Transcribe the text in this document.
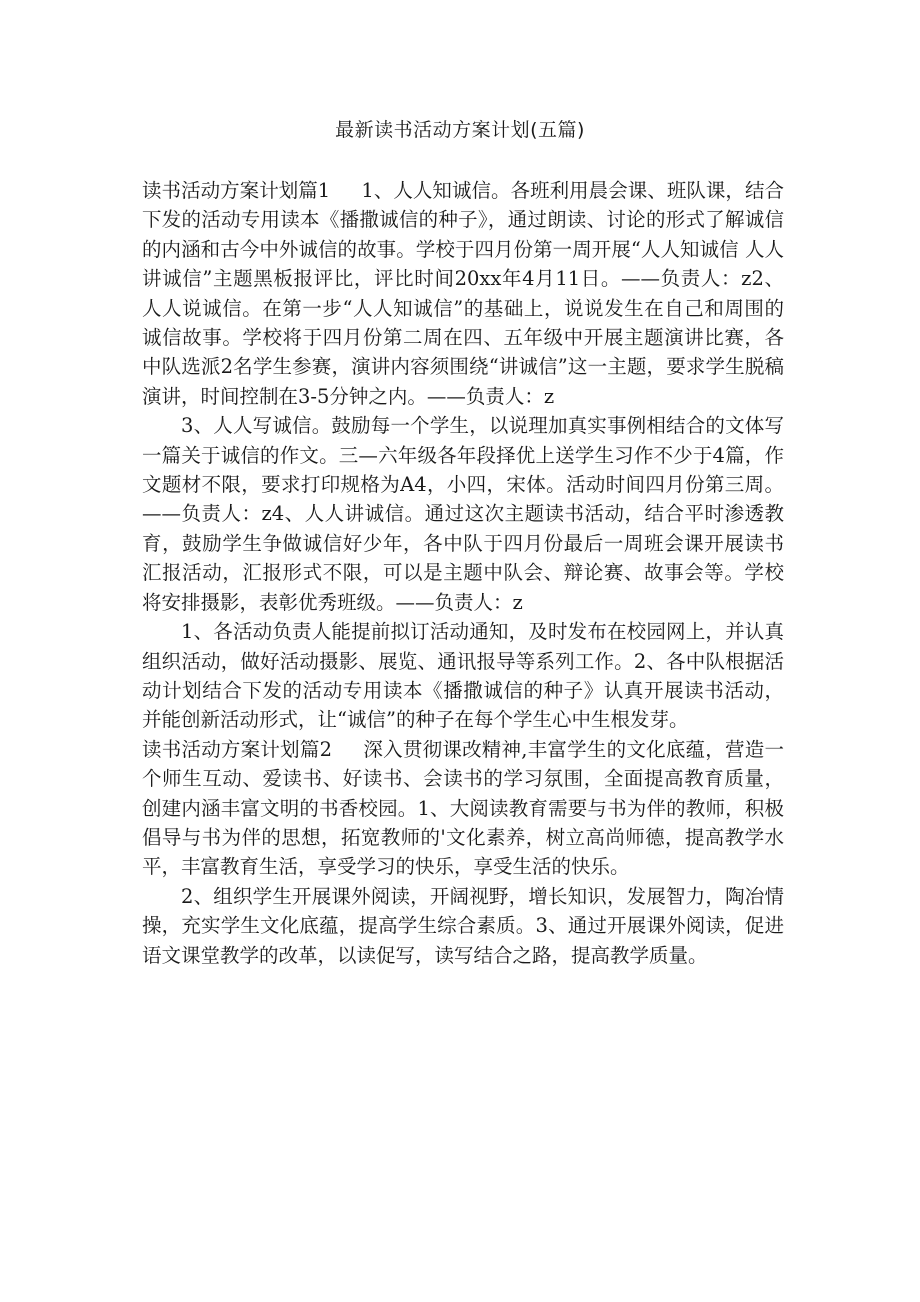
最新读书活动方案计划(五篇)

读书活动方案计划篇1 1、人人知诚信。各班利用晨会课、班队课，结合下发的活动专用读本《播撒诚信的种子》，通过朗读、讨论的形式了解诚信的内涵和古今中外诚信的故事。学校于四月份第一周开展“人人知诚信 人人讲诚信”主题黑板报评比，评比时间20xx年4月11日。——负责人：z2、人人说诚信。在第一步“人人知诚信”的基础上，说说发生在自己和周围的诚信故事。学校将于四月份第二周在四、五年级中开展主题演讲比赛，各中队选派2名学生参赛，演讲内容须围绕“讲诚信”这一主题，要求学生脱稿演讲，时间控制在3-5分钟之内。——负责人：z

3、人人写诚信。鼓励每一个学生，以说理加真实事例相结合的文体写一篇关于诚信的作文。三—六年级各年段择优上送学生习作不少于4篇，作文题材不限，要求打印规格为A4，小四，宋体。活动时间四月份第三周。——负责人：z4、人人讲诚信。通过这次主题读书活动，结合平时渗透教育，鼓励学生争做诚信好少年，各中队于四月份最后一周班会课开展读书汇报活动，汇报形式不限，可以是主题中队会、辩论赛、故事会等。学校将安排摄影，表彰优秀班级。——负责人：z

1、各活动负责人能提前拟订活动通知，及时发布在校园网上，并认真组织活动，做好活动摄影、展览、通讯报导等系列工作。2、各中队根据活动计划结合下发的活动专用读本《播撒诚信的种子》认真开展读书活动，并能创新活动形式，让“诚信”的种子在每个学生心中生根发芽。

读书活动方案计划篇2 深入贯彻课改精神,丰富学生的文化底蕴，营造一个师生互动、爱读书、好读书、会读书的学习氛围，全面提高教育质量，创建内涵丰富文明的书香校园。1、大阅读教育需要与书为伴的教师，积极倡导与书为伴的思想，拓宽教师的'文化素养，树立高尚师德，提高教学水平，丰富教育生活，享受学习的快乐，享受生活的快乐。

2、组织学生开展课外阅读，开阔视野，增长知识，发展智力，陶冶情操，充实学生文化底蕴，提高学生综合素质。3、通过开展课外阅读，促进语文课堂教学的改革，以读促写，读写结合之路，提高教学质量。
